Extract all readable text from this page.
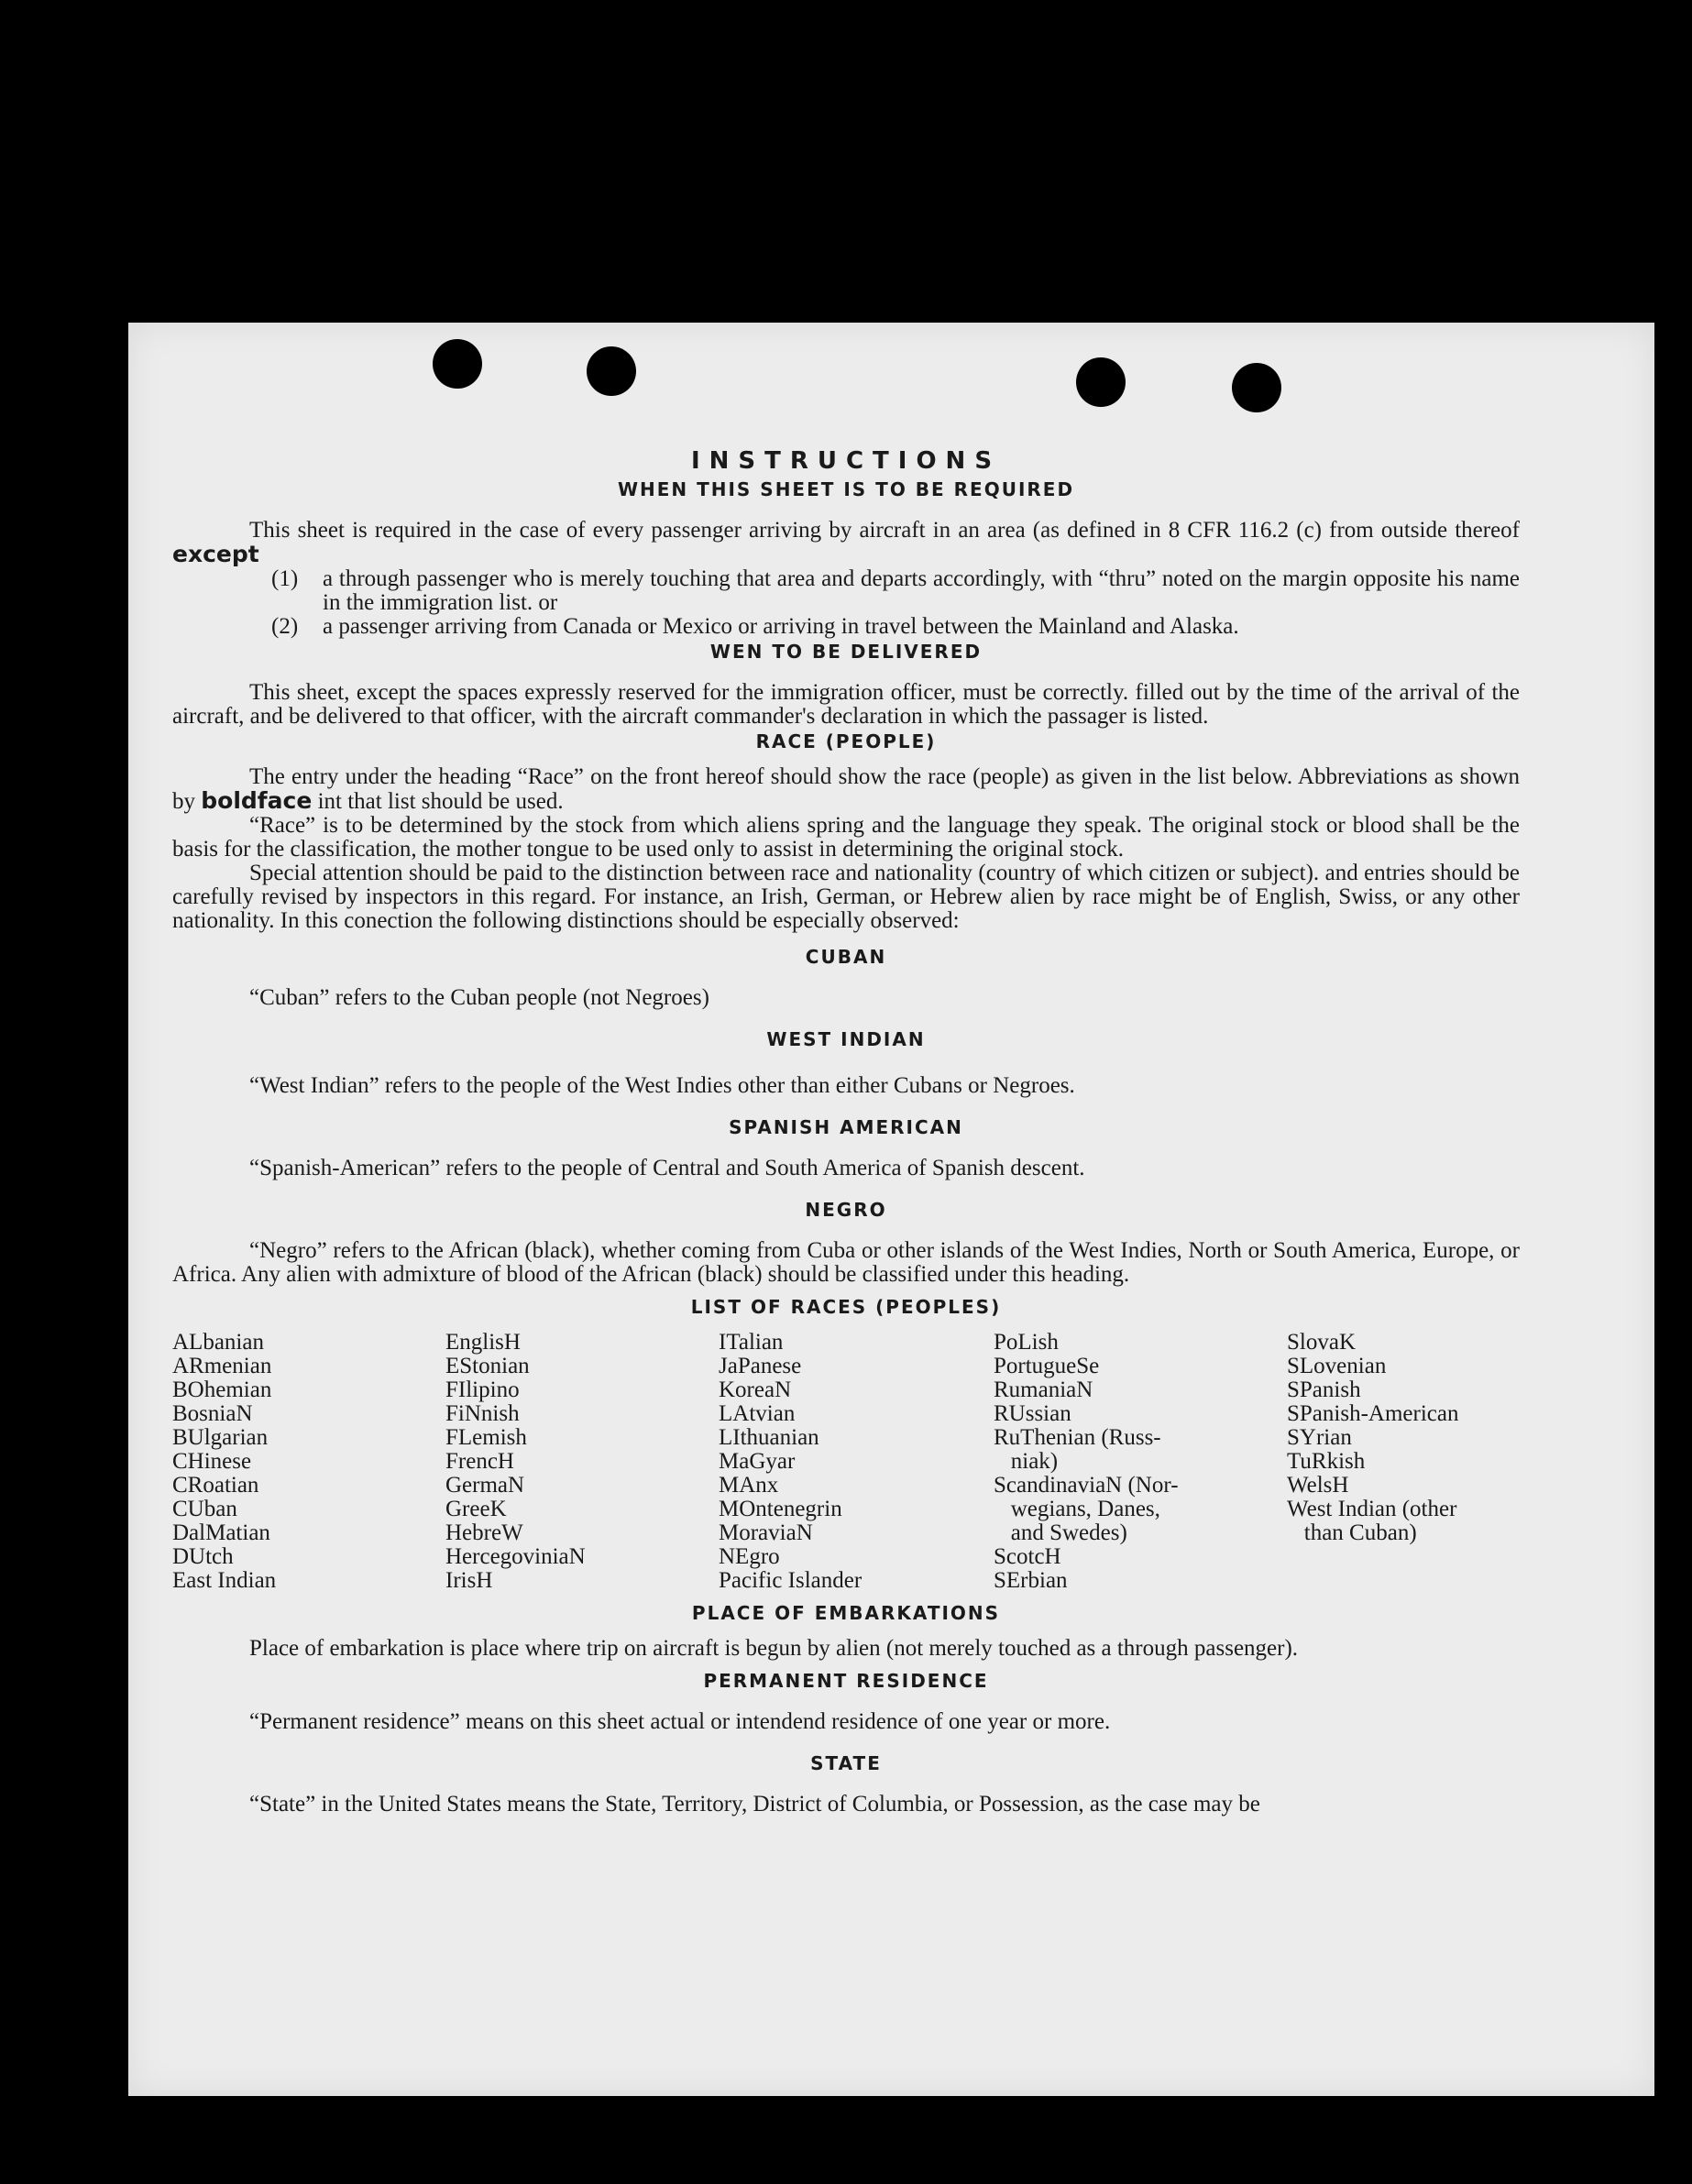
INSTRUCTIONS
WHEN THIS SHEET IS TO BE REQUIRED

This sheet is required in the case of every passenger arriving by aircraft in an area (as defined in 8 CFR 116.2 (c) from outside thereof except

(1)	a through passenger who is merely touching that area and departs accordingly, with “thru” noted on the margin opposite his name in the immigration list. or
(2)	a passenger arriving from Canada or Mexico or arriving in travel between the Mainland and Alaska.
WEN TO BE DELIVERED

This sheet, except the spaces expressly reserved for the immigration officer, must be correctly. filled out by the time of the arrival of the aircraft, and be delivered to that officer, with the aircraft commander's declaration in which the passager is listed.

RACE (PEOPLE)

The entry under the heading “Race” on the front hereof should show the race (people) as given in the list below. Abbreviations as shown by boldface int that list should be used.

“Race” is to be determined by the stock from which aliens spring and the language they speak. The original stock or blood shall be the basis for the classification, the mother tongue to be used only to assist in determining the original stock.

Special attention should be paid to the distinction between race and nationality (country of which citizen or subject). and entries should be carefully revised by inspectors in this regard. For instance, an Irish, German, or Hebrew alien by race might be of English, Swiss, or any other nationality. In this conection the following distinctions should be especially observed:

CUBAN

“Cuban” refers to the Cuban people (not Negroes)

WEST INDIAN

“West Indian” refers to the people of the West Indies other than either Cubans or Negroes.

SPANISH AMERICAN

“Spanish-American” refers to the people of Central and South America of Spanish descent.

NEGRO

“Negro” refers to the African (black), whether coming from Cuba or other islands of the West Indies, North or South America, Europe, or Africa. Any alien with admixture of blood of the African (black) should be classified under this heading.

LIST OF RACES (PEOPLES)
ALbanian
ARmenian
BOhemian
BosniaN
BUlgarian
CHinese
CRoatian
CUban
DalMatian
DUtch
East Indian
EnglisH
EStonian
FIlipino
FiNnish
FLemish
FrencH
GermaN
GreeK
HebreW
HercegoviniaN
IrisH
ITalian
JaPanese
KoreaN
LAtvian
LIthuanian
MaGyar
MAnx
MOntenegrin
MoraviaN
NEgro
Pacific Islander
PoLish
PortugueSe
RumaniaN
RUssian
RuThenian (Russ-
niak)
ScandinaviaN (Nor-
wegians, Danes,
and Swedes)
ScotcH
SErbian
SlovaK
SLovenian
SPanish
SPanish-American
SYrian
TuRkish
WelsH
West Indian (other
than Cuban)
PLACE OF EMBARKATIONS

Place of embarkation is place where trip on aircraft is begun by alien (not merely touched as a through passenger).

PERMANENT RESIDENCE

“Permanent residence” means on this sheet actual or intendend residence of one year or more.

STATE

“State” in the United States means the State, Territory, District of Columbia, or Possession, as the case may be
